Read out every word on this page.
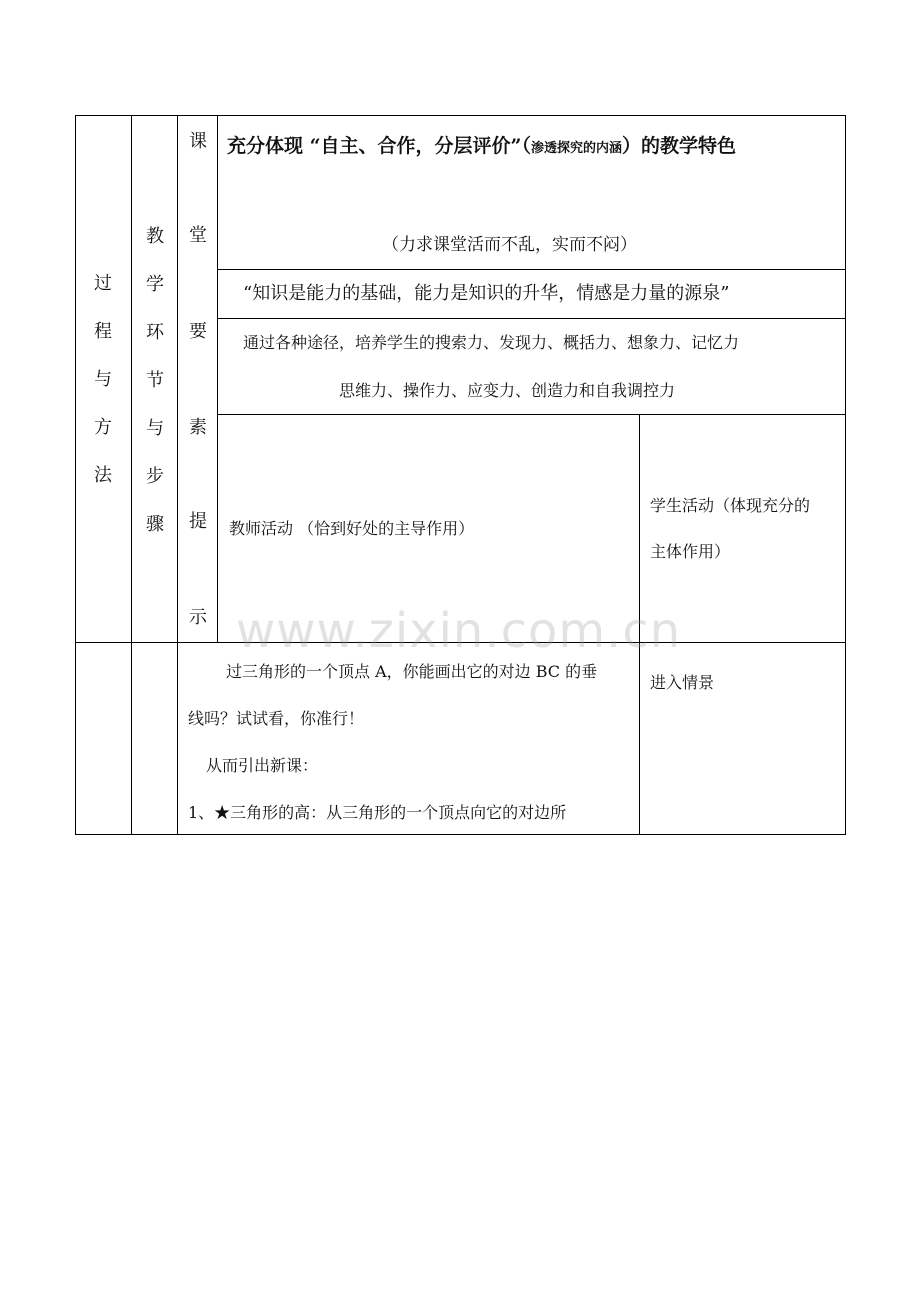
过
程
与
方
法
教
学
环
节
与
步
骤
课
堂
要
素
提
示
充分体现 “自主、合作，分层评价”（渗透探究的内涵）的教学特色
（力求课堂活而不乱，实而不闷）
“知识是能力的基础，能力是知识的升华，情感是力量的源泉”
通过各种途径，培养学生的搜索力、发现力、概括力、想象力、记忆力
思维力、操作力、应变力、创造力和自我调控力
教师活动 （恰到好处的主导作用）
学生活动（体现充分的
主体作用）
过三角形的一个顶点 A，你能画出它的对边 BC 的垂
线吗？试试看，你准行！
从而引出新课：
1、★三角形的高：从三角形的一个顶点向它的对边所
进入情景
www.zixin.com.cn
